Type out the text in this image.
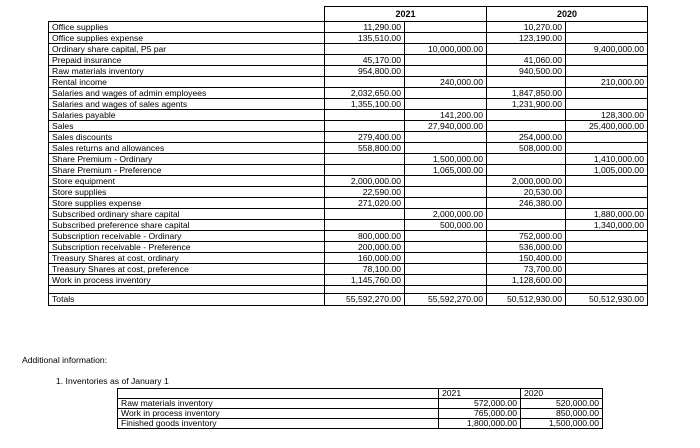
	2021		2020	
Office supplies	11,290.00		10,270.00	
Office supplies expense	135,510.00		123,190.00	
Ordinary share capital, P5 par		10,000,000.00		9,400,000.00
Prepaid insurance	45,170.00		41,060.00	
Raw materials inventory	954,800.00		940,500.00	
Rental income		240,000.00		210,000.00
Salaries and wages of admin employees	2,032,650.00		1,847,850.00	
Salaries and wages of sales agents	1,355,100.00		1,231,900.00	
Salaries payable		141,200.00		128,300.00
Sales		27,940,000.00		25,400,000.00
Sales discounts	279,400.00		254,000.00	
Sales returns and allowances	558,800.00		508,000.00	
Share Premium - Ordinary		1,500,000.00		1,410,000.00
Share Premium - Preference		1,065,000.00		1,005,000.00
Store equipment	2,000,000.00		2,000,000.00	
Store supplies	22,590.00		20,530.00	
Store supplies expense	271,020.00		246,380.00	
Subscribed ordinary share capital		2,000,000.00		1,880,000.00
Subscribed preference share capital		500,000.00		1,340,000.00
Subscription receivable - Ordinary	800,000.00		752,000.00	
Subscription receivable - Preference	200,000.00		536,000.00	
Treasury Shares at cost, ordinary	160,000.00		150,400.00	
Treasury Shares at cost, preference	78,100.00		73,700.00	
Work in process inventory	1,145,760.00		1,128,600.00	

Totals	55,592,270.00	55,592,270.00	50,512,930.00	50,512,930.00
Additional information:
1. Inventories as of January 1
	2021	2020
Raw materials inventory	572,000.00	520,000.00
Work in process inventory	765,000.00	850,000.00
Finished goods inventory	1,800,000.00	1,500,000.00
